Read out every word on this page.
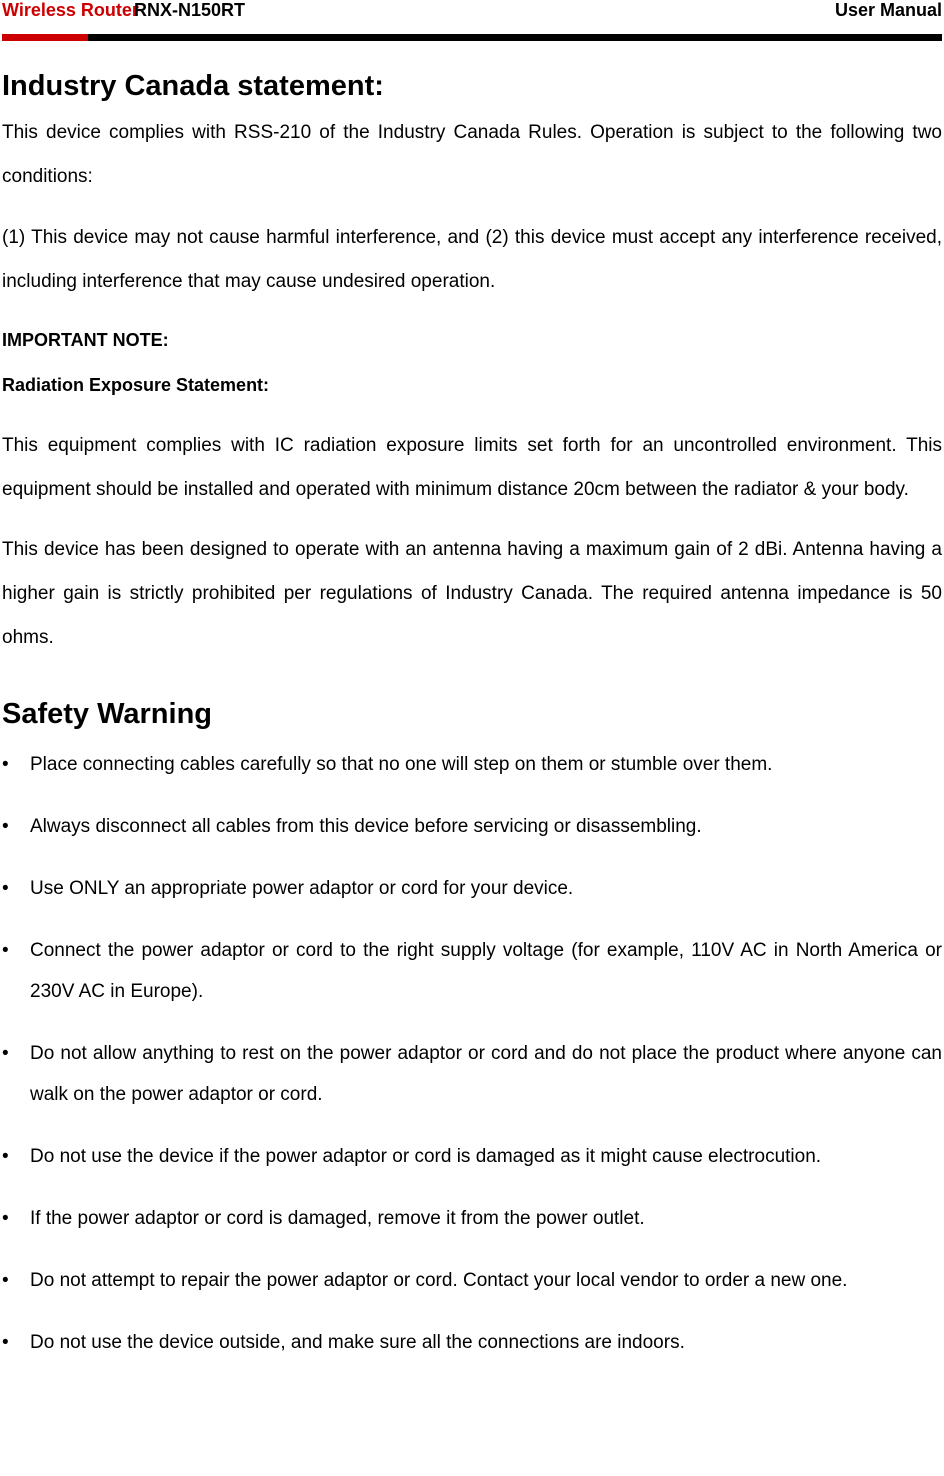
Wireless Router
RNX-N150RT	User Manual
Industry Canada statement:

This device complies with RSS-210 of the Industry Canada Rules. Operation is subject to the following two conditions:

(1) This device may not cause harmful interference, and (2) this device must accept any interference received, including interference that may cause undesired operation.

IMPORTANT NOTE:
Radiation Exposure Statement:

This equipment complies with IC radiation exposure limits set forth for an uncontrolled environment. This equipment should be installed and operated with minimum distance 20cm between the radiator & your body.

This device has been designed to operate with an antenna having a maximum gain of 2 dBi. Antenna having a higher gain is strictly prohibited per regulations of Industry Canada. The required antenna impedance is 50 ohms.

Safety Warning
• Place connecting cables carefully so that no one will step on them or stumble over them.
• Always disconnect all cables from this device before servicing or disassembling.
• Use ONLY an appropriate power adaptor or cord for your device.
• Connect the power adaptor or cord to the right supply voltage (for example, 110V AC in North America or 230V AC in Europe).
• Do not allow anything to rest on the power adaptor or cord and do not place the product where anyone can walk on the power adaptor or cord.
• Do not use the device if the power adaptor or cord is damaged as it might cause electrocution.
• If the power adaptor or cord is damaged, remove it from the power outlet.
• Do not attempt to repair the power adaptor or cord. Contact your local vendor to order a new one.
• Do not use the device outside, and make sure all the connections are indoors.
